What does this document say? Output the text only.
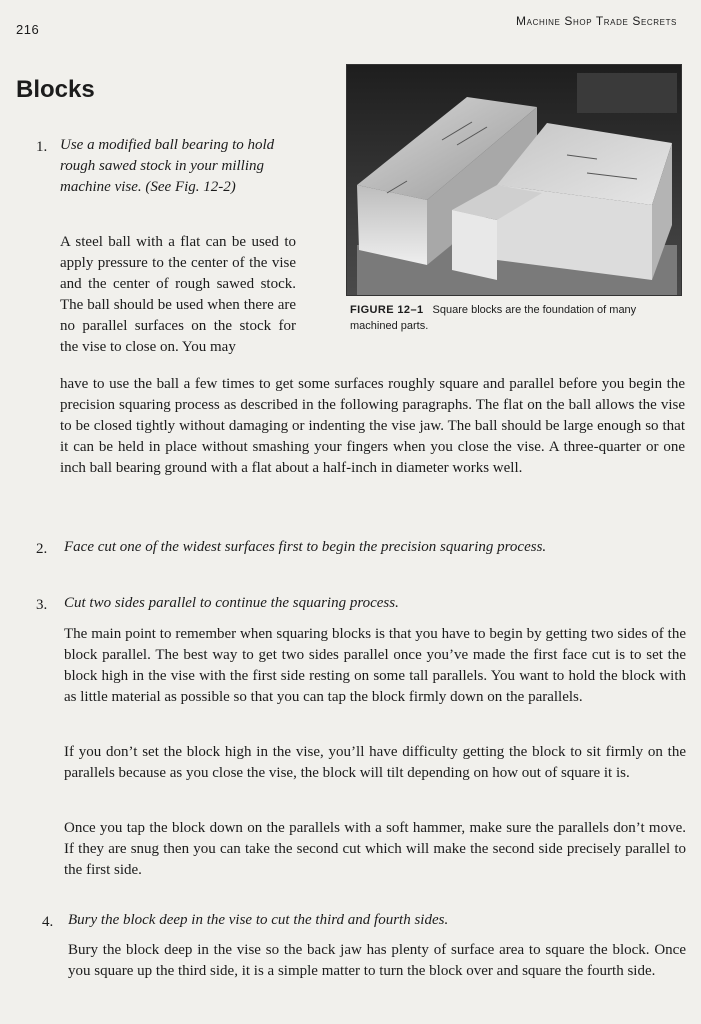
216
Machine Shop Trade Secrets
Blocks
FIGURE 12–1 Square blocks are the foundation of many machined parts.
1. Use a modified ball bearing to hold rough sawed stock in your milling machine vise. (See Fig. 12-2)

A steel ball with a flat can be used to apply pressure to the center of the vise and the center of rough sawed stock. The ball should be used when there are no parallel surfaces on the stock for the vise to close on. You may

have to use the ball a few times to get some surfaces roughly square and parallel before you begin the precision squaring process as described in the following paragraphs. The flat on the ball allows the vise to be closed tightly without damaging or indenting the vise jaw. The ball should be large enough so that it can be held in place without smashing your fingers when you close the vise. A three-quarter or one inch ball bearing ground with a flat about a half-inch in diameter works well.

2. Face cut one of the widest surfaces first to begin the precision squaring process.

3. Cut two sides parallel to continue the squaring process.

The main point to remember when squaring blocks is that you have to begin by getting two sides of the block parallel. The best way to get two sides parallel once you’ve made the first face cut is to set the block high in the vise with the first side resting on some tall parallels. You want to hold the block with as little material as possible so that you can tap the block firmly down on the parallels.

If you don’t set the block high in the vise, you’ll have difficulty getting the block to sit firmly on the parallels because as you close the vise, the block will tilt depending on how out of square it is.

Once you tap the block down on the parallels with a soft hammer, make sure the parallels don’t move. If they are snug then you can take the second cut which will make the second side precisely parallel to the first side.

4. Bury the block deep in the vise to cut the third and fourth sides.

Bury the block deep in the vise so the back jaw has plenty of surface area to square the block. Once you square up the third side, it is a simple matter to turn the block over and square the fourth side.
